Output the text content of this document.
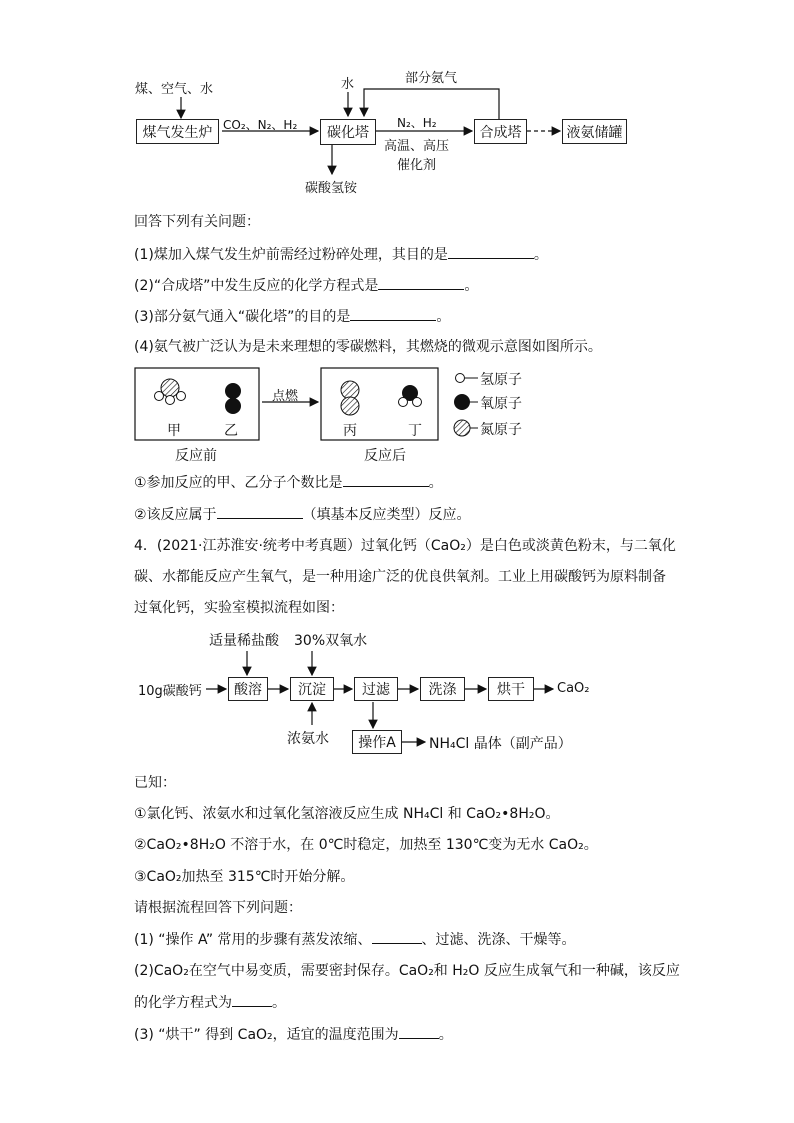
煤、空气、水	水	部分氨气
煤气发生炉 CO₂、N₂、H₂	碳化塔
N₂、H₂
高温、高压
催化剂
合成塔	液氨储罐
碳酸氢铵
回答下列有关问题：
(1)煤加入煤气发生炉前需经过粉碎处理，其目的是	。
(2)“合成塔”中发生反应的化学方程式是	。
(3)部分氨气通入“碳化塔”的目的是	。
(4)氨气被广泛认为是未来理想的零碳燃料，其燃烧的微观示意图如图所示。
甲	乙	丙	丁
点燃
反应前	反应后
氢原子
氧原子
氮原子
①参加反应的甲、乙分子个数比是	。
②该反应属于	（填基本反应类型）反应。
4．(2021·江苏淮安·统考中考真题）过氧化钙（CaO₂）是白色或淡黄色粉末，与二氧化
碳、水都能反应产生氧气，是一种用途广泛的优良供氧剂。工业上用碳酸钙为原料制备
过氧化钙，实验室模拟流程如图：
适量稀盐酸 30%双氧水
10g碳酸钙	酸溶	沉淀	过滤	洗涤	烘干	CaO₂
浓氨水	操作A	NH₄Cl 晶体（副产品）
已知：
①氯化钙、浓氨水和过氧化氢溶液反应生成 NH₄Cl 和 CaO₂•8H₂O。
②CaO₂•8H₂O 不溶于水，在 0℃时稳定，加热至 130℃变为无水 CaO₂。
③CaO₂加热至 315℃时开始分解。
请根据流程回答下列问题：
(1) “操作 A” 常用的步骤有蒸发浓缩、	、过滤、洗涤、干燥等。
(2)CaO₂在空气中易变质，需要密封保存。CaO₂和 H₂O 反应生成氧气和一种碱，该反应
的化学方程式为	。
(3) “烘干” 得到 CaO₂，适宜的温度范围为	。
